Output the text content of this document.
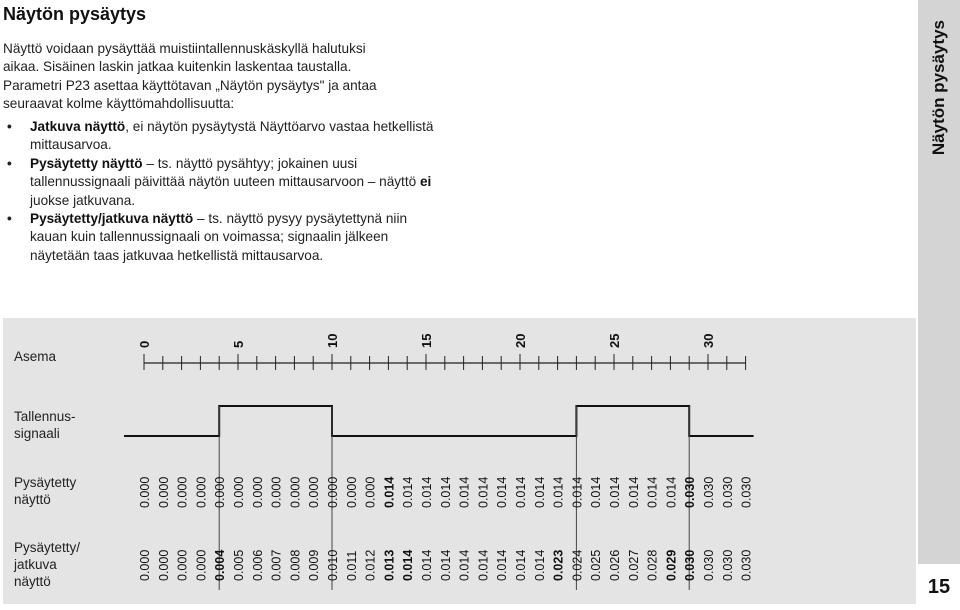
Näytön pysäytys
Näyttö voidaan pysäyttää muistiintallennuskäskyllä halutuksi
aikaa. Sisäinen laskin jatkaa kuitenkin laskentaa taustalla.
Parametri P23 asettaa käyttötavan „Näytön pysäytys" ja antaa
seuraavat kolme käyttömahdollisuutta:
• Jatkuva näyttö, ei näytön pysäytystä Näyttöarvo vastaa hetkellistä mittausarvoa.
• Pysäytetty näyttö – ts. näyttö pysähtyy; jokainen uusi tallennussignaali päivittää näytön uuteen mittausarvoon – näyttö ei juokse jatkuvana.
• Pysäytetty/jatkuva näyttö – ts. näyttö pysyy pysäytettynä niin kauan kuin tallennussignaali on voimassa; signaalin jälkeen näytetään taas jatkuvaa hetkellistä mittausarvoa.
Näytön pysäytys
15
Asema
Tallennus-
signaali
Pysäytetty
näyttö
Pysäytetty/
jatkuva
näyttö
0	5	10	15	20	25	30
0.000 0.000 0.000 0.000 0.000 0.000 0.000 0.000 0.000 0.000 0.000 0.000 0.000 0.014 0.014 0.014 0.014 0.014 0.014 0.014 0.014 0.014 0.014 0.014 0.014 0.014 0.014 0.014 0.014 0.030 0.030 0.030 0.030
0.000 0.000 0.000 0.000 0.004 0.005 0.006 0.007 0.008 0.009 0.010 0.011 0.012 0.013 0.014 0.014 0.014 0.014 0.014 0.014 0.014 0.014 0.023 0.024 0.025 0.026 0.027 0.028 0.029 0.030 0.030 0.030 0.030
